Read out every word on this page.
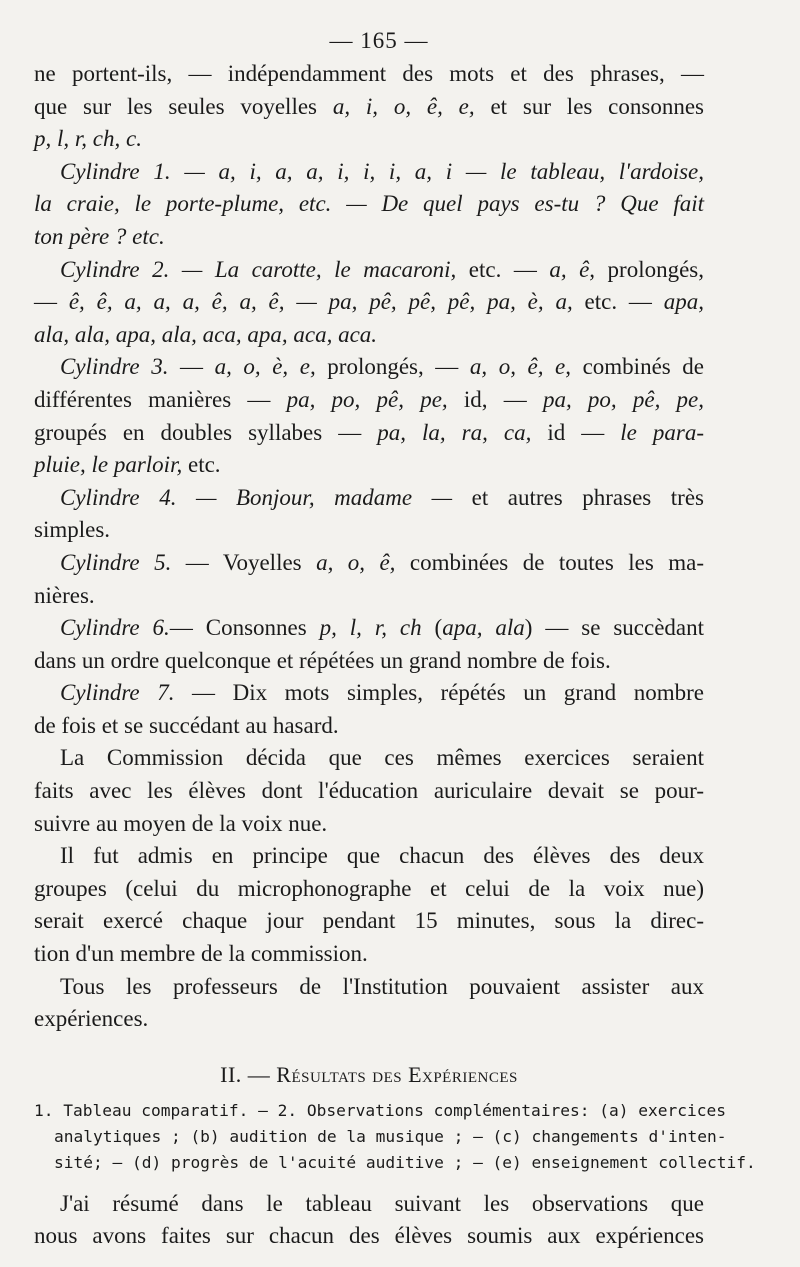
— 165 —
ne portent-ils, — indépendamment des mots et des phrases, —
que sur les seules voyelles a, i, o, ê, e, et sur les consonnes
p, l, r, ch, c.
Cylindre 1. — a, i, a, a, i, i, i, a, i — le tableau, l'ardoise,
la craie, le porte-plume, etc. — De quel pays es-tu ? Que fait
ton père ? etc.
Cylindre 2. — La carotte, le macaroni, etc. — a, ê, prolongés,
— ê, ê, a, a, a, ê, a, ê, — pa, pê, pê, pê, pa, è, a, etc. — apa,
ala, ala, apa, ala, aca, apa, aca, aca.
Cylindre 3. — a, o, è, e, prolongés, — a, o, ê, e, combinés de
différentes manières — pa, po, pê, pe, id, — pa, po, pê, pe,
groupés en doubles syllabes — pa, la, ra, ca, id — le para-
pluie, le parloir, etc.
Cylindre 4. — Bonjour, madame — et autres phrases très
simples.
Cylindre 5. — Voyelles a, o, ê, combinées de toutes les ma-
nières.
Cylindre 6.— Consonnes p, l, r, ch (apa, ala) — se succèdant
dans un ordre quelconque et répétées un grand nombre de fois.
Cylindre 7. — Dix mots simples, répétés un grand nombre
de fois et se succédant au hasard.
La Commission décida que ces mêmes exercices seraient
faits avec les élèves dont l'éducation auriculaire devait se pour-
suivre au moyen de la voix nue.
Il fut admis en principe que chacun des élèves des deux
groupes (celui du microphonographe et celui de la voix nue)
serait exercé chaque jour pendant 15 minutes, sous la direc-
tion d'un membre de la commission.
Tous les professeurs de l'Institution pouvaient assister aux
expériences.
II. — Résultats des Expériences
1. Tableau comparatif. — 2. Observations complémentaires: (a) exercices
analytiques ; (b) audition de la musique ; — (c) changements d'inten-
sité; — (d) progrès de l'acuité auditive ; — (e) enseignement collectif.
J'ai résumé dans le tableau suivant les observations que
nous avons faites sur chacun des élèves soumis aux expériences
